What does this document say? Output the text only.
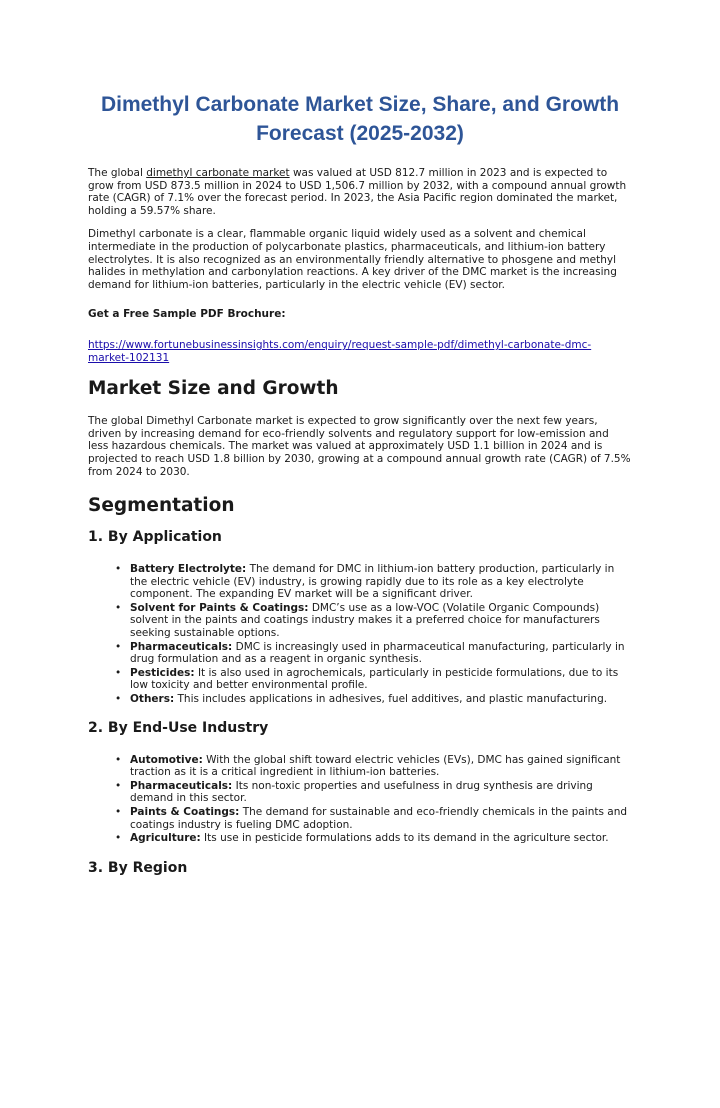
Dimethyl Carbonate Market Size, Share, and Growth Forecast (2025-2032)

The global dimethyl carbonate market was valued at USD 812.7 million in 2023 and is expected to grow from USD 873.5 million in 2024 to USD 1,506.7 million by 2032, with a compound annual growth rate (CAGR) of 7.1% over the forecast period. In 2023, the Asia Pacific region dominated the market, holding a 59.57% share.

Dimethyl carbonate is a clear, flammable organic liquid widely used as a solvent and chemical intermediate in the production of polycarbonate plastics, pharmaceuticals, and lithium-ion battery electrolytes. It is also recognized as an environmentally friendly alternative to phosgene and methyl halides in methylation and carbonylation reactions. A key driver of the DMC market is the increasing demand for lithium-ion batteries, particularly in the electric vehicle (EV) sector.

Get a Free Sample PDF Brochure:

https://www.fortunebusinessinsights.com/enquiry/request-sample-pdf/dimethyl-carbonate-dmc-market-102131

Market Size and Growth

The global Dimethyl Carbonate market is expected to grow significantly over the next few years, driven by increasing demand for eco-friendly solvents and regulatory support for low-emission and less hazardous chemicals. The market was valued at approximately USD 1.1 billion in 2024 and is projected to reach USD 1.8 billion by 2030, growing at a compound annual growth rate (CAGR) of 7.5% from 2024 to 2030.

Segmentation
1. By Application
• Battery Electrolyte: The demand for DMC in lithium-ion battery production, particularly in the electric vehicle (EV) industry, is growing rapidly due to its role as a key electrolyte component. The expanding EV market will be a significant driver.
• Solvent for Paints & Coatings: DMC’s use as a low-VOC (Volatile Organic Compounds) solvent in the paints and coatings industry makes it a preferred choice for manufacturers seeking sustainable options.
• Pharmaceuticals: DMC is increasingly used in pharmaceutical manufacturing, particularly in drug formulation and as a reagent in organic synthesis.
• Pesticides: It is also used in agrochemicals, particularly in pesticide formulations, due to its low toxicity and better environmental profile.
• Others: This includes applications in adhesives, fuel additives, and plastic manufacturing.
2. By End-Use Industry
• Automotive: With the global shift toward electric vehicles (EVs), DMC has gained significant traction as it is a critical ingredient in lithium-ion batteries.
• Pharmaceuticals: Its non-toxic properties and usefulness in drug synthesis are driving demand in this sector.
• Paints & Coatings: The demand for sustainable and eco-friendly chemicals in the paints and coatings industry is fueling DMC adoption.
• Agriculture: Its use in pesticide formulations adds to its demand in the agriculture sector.
3. By Region
